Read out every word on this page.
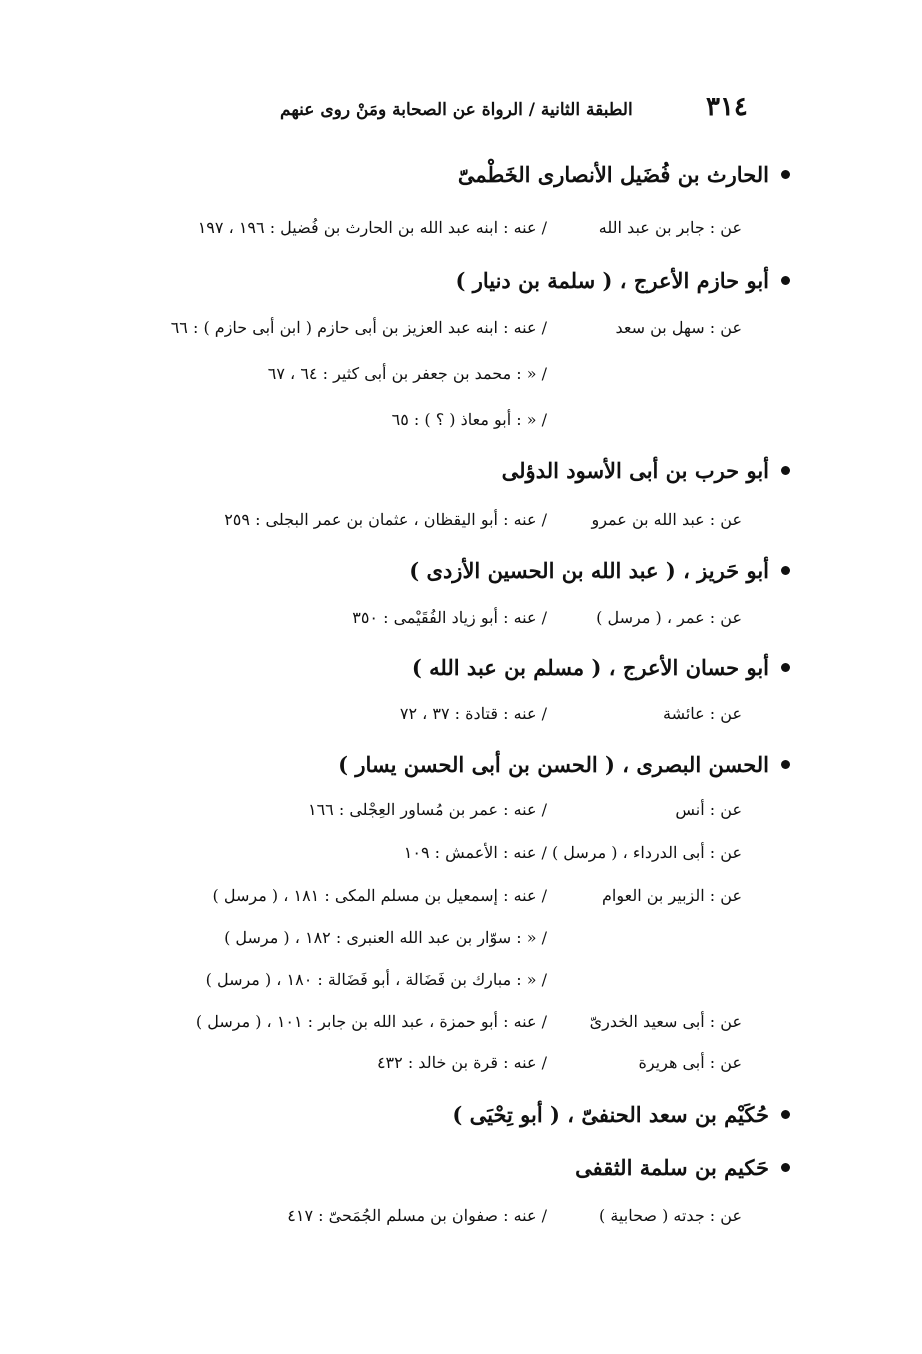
٣١٤
الطبقة الثانية / الرواة عن الصحابة ومَنْ روى عنهم
الحارث بن فُضَيل الأنصارى الخَطْمىّ
عن : جابر بن عبد الله
/ عنه : ابنه عبد الله بن الحارث بن فُضيل : ١٩٦ ، ١٩٧
أبو حازم الأعرج ، ( سلمة بن دنيار )
عن : سهل بن سعد
/ عنه : ابنه عبد العزيز بن أبى حازم ( ابن أبى حازم ) : ٦٦
/ « : محمد بن جعفر بن أبى كثير : ٦٤ ، ٦٧
/ « : أبو معاذ ( ؟ ) : ٦٥
أبو حرب بن أبى الأسود الدؤلى
عن : عبد الله بن عمرو
/ عنه : أبو اليقظان ، عثمان بن عمر البجلى : ٢٥٩
أبو حَريز ، ( عبد الله بن الحسين الأزدى )
عن : عمر ، ( مرسل )
/ عنه : أبو زياد الفُقَيْمى : ٣٥٠
أبو حسان الأعرج ، ( مسلم بن عبد الله )
عن : عائشة
/ عنه : قتادة : ٣٧ ، ٧٢
الحسن البصرى ، ( الحسن بن أبى الحسن يسار )
عن : أنس
/ عنه : عمر بن مُساور العِجْلى : ١٦٦
عن : أبى الدرداء ، ( مرسل ) / عنه : الأعمش : ١٠٩
عن : الزبير بن العوام
/ عنه : إسمعيل بن مسلم المكى : ١٨١ ، ( مرسل )
/ « : سوّار بن عبد الله العنبرى : ١٨٢ ، ( مرسل )
/ « : مبارك بن فَضَالة ، أبو فَضَالة : ١٨٠ ، ( مرسل )
عن : أبى سعيد الخدرىّ
/ عنه : أبو حمزة ، عبد الله بن جابر : ١٠١ ، ( مرسل )
عن : أبى هريرة
/ عنه : قرة بن خالد : ٤٣٢
حُكَيْم بن سعد الحنفىّ ، ( أبو تِحْيَى )
حَكيم بن سلمة الثقفى
عن : جدته ( صحابية )
/ عنه : صفوان بن مسلم الجُمَحىّ : ٤١٧
